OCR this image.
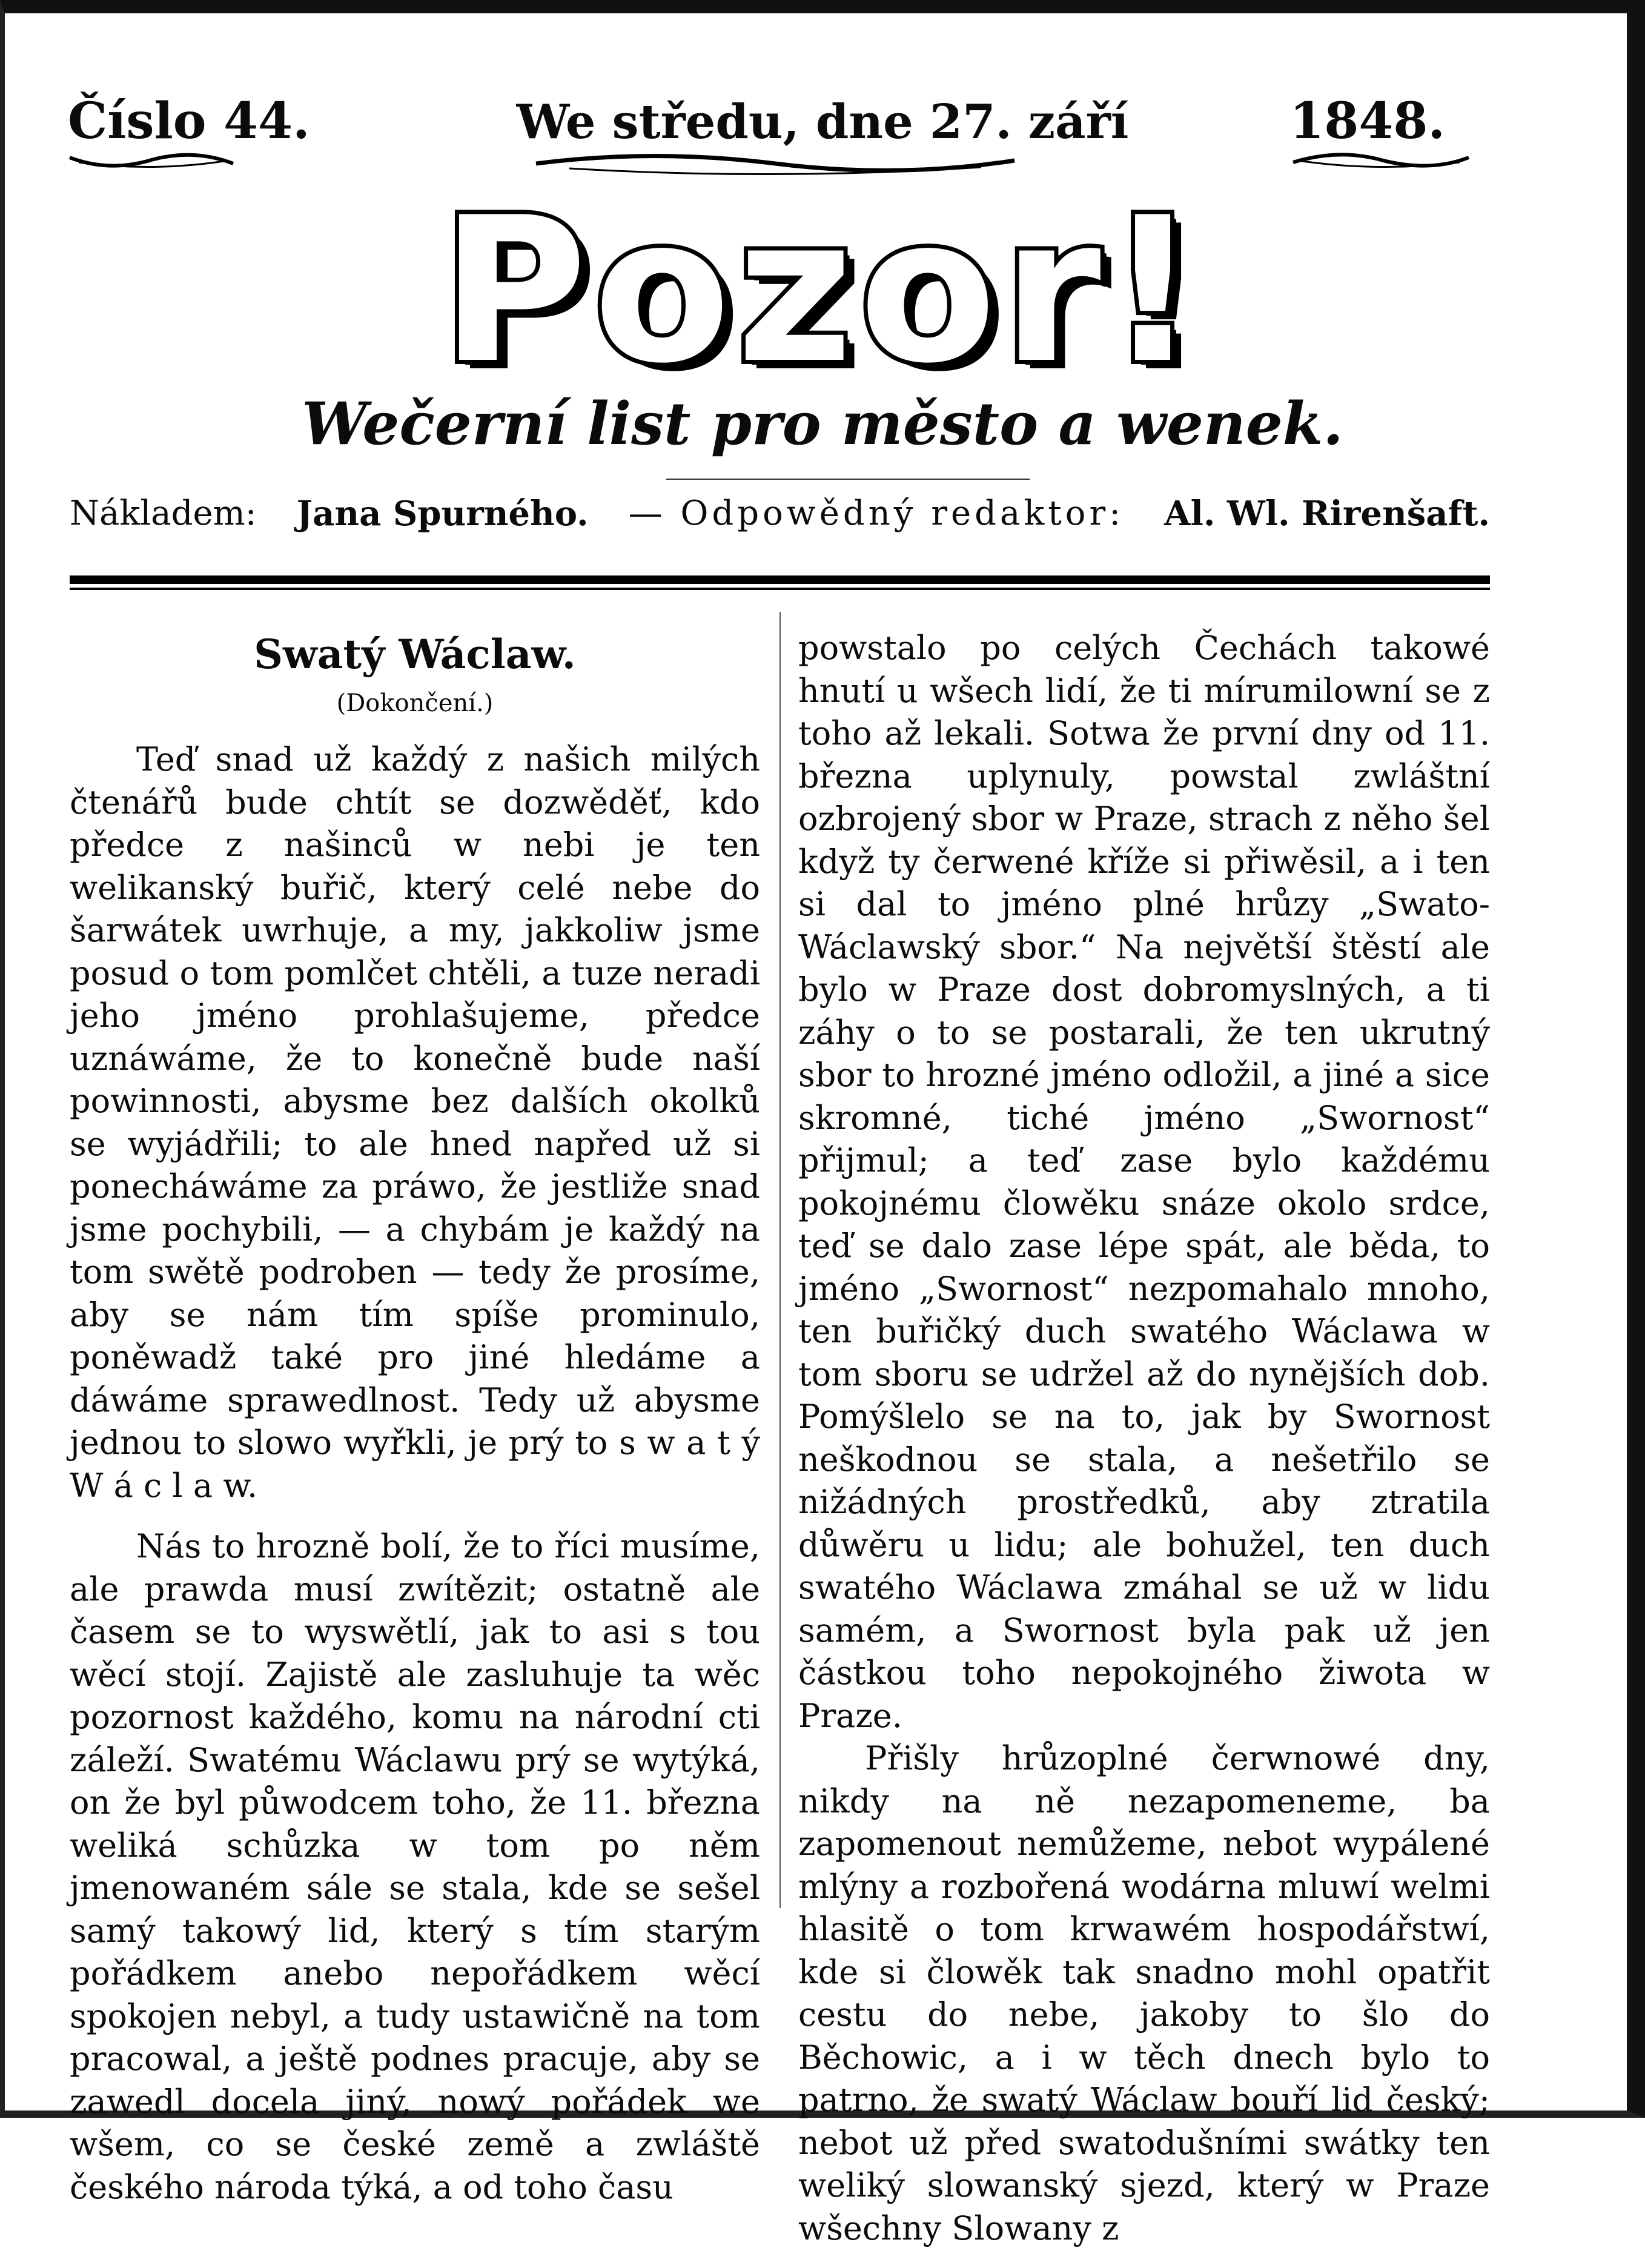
Číslo 44.	We středu, dne 27. září	1848.
Pozor!
Wečerní list pro město a wenek.
Nákladem: Jana Spurného. — Odpowědný redaktor: Al. Wl. Rirenšaft.
Swatý Wáclaw.
(Dokončení.)

Teď snad už každý z našich milých čtenářů bude chtít se dozwěděť, kdo předce z našinců w nebi je ten welikanský buřič, který celé nebe do šarwátek uwrhuje, a my, jakkoliw jsme posud o tom pomlčet chtěli, a tuze neradi jeho jméno prohlašujeme, předce uznáwáme, že to konečně bude naší powinnosti, abysme bez dalších okolků se wyjádřili; to ale hned napřed už si ponecháwáme za práwo, že jestliže snad jsme pochybili, — a chybám je každý na tom swětě podroben — tedy že prosíme, aby se nám tím spíše prominulo, poněwadž také pro jiné hledáme a dáwáme sprawedlnost. Tedy už abysme jednou to slowo wyřkli, je prý to s w a t ý W á c l a w.

Nás to hrozně bolí, že to říci musíme, ale prawda musí zwítězit; ostatně ale časem se to wyswětlí, jak to asi s tou wěcí stojí. Zajistě ale zasluhuje ta wěc pozornost každého, komu na národní cti záleží. Swatému Wáclawu prý se wytýká, on že byl půwodcem toho, že 11. března weliká schůzka w tom po něm jmenowaném sále se stala, kde se sešel samý takowý lid, který s tím starým pořádkem anebo nepořádkem wěcí spokojen nebyl, a tudy ustawičně na tom pracowal, a ještě podnes pracuje, aby se zawedl docela jiný, nowý pořádek we wšem, co se české země a zwláště českého národa týká, a od toho času

powstalo po celých Čechách takowé hnutí u wšech lidí, že ti mírumilowní se z toho až lekali. Sotwa že první dny od 11. března uplynuly, powstal zwláštní ozbrojený sbor w Praze, strach z něho šel když ty čerwené kříže si přiwěsil, a i ten si dal to jméno plné hrůzy „Swato-Wáclawský sbor.“ Na největší štěstí ale bylo w Praze dost dobromyslných, a ti záhy o to se postarali, že ten ukrutný sbor to hrozné jméno odložil, a jiné a sice skromné, tiché jméno „Swornost“ přijmul; a teď zase bylo každému pokojnému člowěku snáze okolo srdce, teď se dalo zase lépe spát, ale běda, to jméno „Swornost“ nezpomahalo mnoho, ten buřičký duch swatého Wáclawa w tom sboru se udržel až do nynějších dob. Pomýšlelo se na to, jak by Swornost neškodnou se stala, a nešetřilo se nižádných prostředků, aby ztratila důwěru u lidu; ale bohužel, ten duch swatého Wáclawa zmáhal se už w lidu samém, a Swornost byla pak už jen částkou toho nepokojného žiwota w Praze.

Přišly hrůzoplné čerwnowé dny, nikdy na ně nezapomeneme, ba zapomenout nemůžeme, nebot wypálené mlýny a rozbořená wodárna mluwí welmi hlasitě o tom krwawém hospodářstwí, kde si člowěk tak snadno mohl opatřit cestu do nebe, jakoby to šlo do Běchowic, a i w těch dnech bylo to patrno, že swatý Wáclaw bouří lid český; nebot už před swatodušními swátky ten weliký slowanský sjezd, který w Praze wšechny Slowany z
